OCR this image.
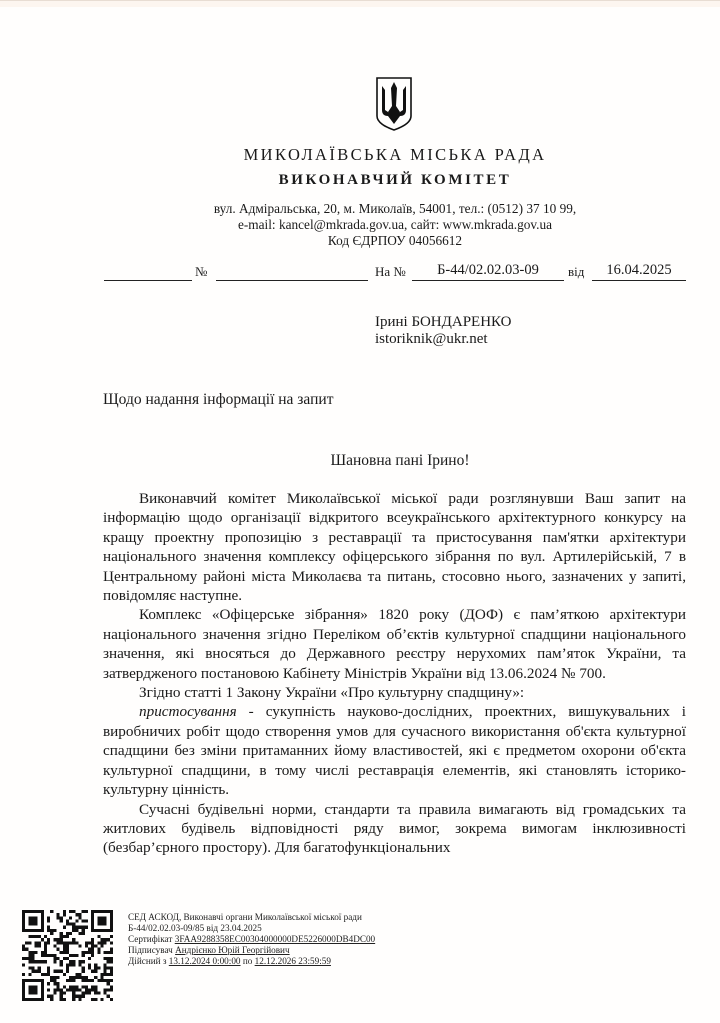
МИКОЛАЇВСЬКА МІСЬКА РАДА
ВИКОНАВЧИЙ КОМІТЕТ
вул. Адміральська, 20, м. Миколаїв, 54001, тел.: (0512) 37 10 99,
e-mail: kancel@mkrada.gov.ua, сайт: www.mkrada.gov.ua
Код ЄДРПОУ 04056612
№	На №	Б-44/02.02.03-09	від	16.04.2025
Ірині БОНДАРЕНКО
istoriknik@ukr.net
Щодо надання інформації на запит
Шановна пані Ірино!

Виконавчий комітет Миколаївської міської ради розглянувши Ваш запит на інформацію щодо організації відкритого всеукраїнського архітектурного конкурсу на кращу проектну пропозицію з реставрації та пристосування пам'ятки архітектури національного значення комплексу офіцерського зібрання по вул. Артилерійській, 7 в Центральному районі міста Миколаєва та питань, стосовно нього, зазначених у запиті, повідомляє наступне.

Комплекс «Офіцерське зібрання» 1820 року (ДОФ) є пам’яткою архітектури національного значення згідно Переліком об’єктів культурної спадщини національного значення, які вносяться до Державного реєстру нерухомих пам’яток України, та затвердженого постановою Кабінету Міністрів України від 13.06.2024 № 700.

Згідно статті 1 Закону України «Про культурну спадщину»:

пристосування - сукупність науково-дослідних, проектних, вишукувальних і виробничих робіт щодо створення умов для сучасного використання об'єкта культурної спадщини без зміни притаманних йому властивостей, які є предметом охорони об'єкта культурної спадщини, в тому числі реставрація елементів, які становлять історико-культурну цінність.

Сучасні будівельні норми, стандарти та правила вимагають від громадських та житлових будівель відповідності ряду вимог, зокрема вимогам інклюзивності (безбар’єрного простору). Для багатофункціональних

СЕД АСКОД, Виконавчі органи Миколаївської міської ради
Б-44/02.02.03-09/85 від 23.04.2025
Сертифікат 3FAA9288358EC00304000000DE5226000DB4DC00
Підписувач Андрієнко Юрій Георгійович
Дійсний з 13.12.2024 0:00:00 по 12.12.2026 23:59:59
